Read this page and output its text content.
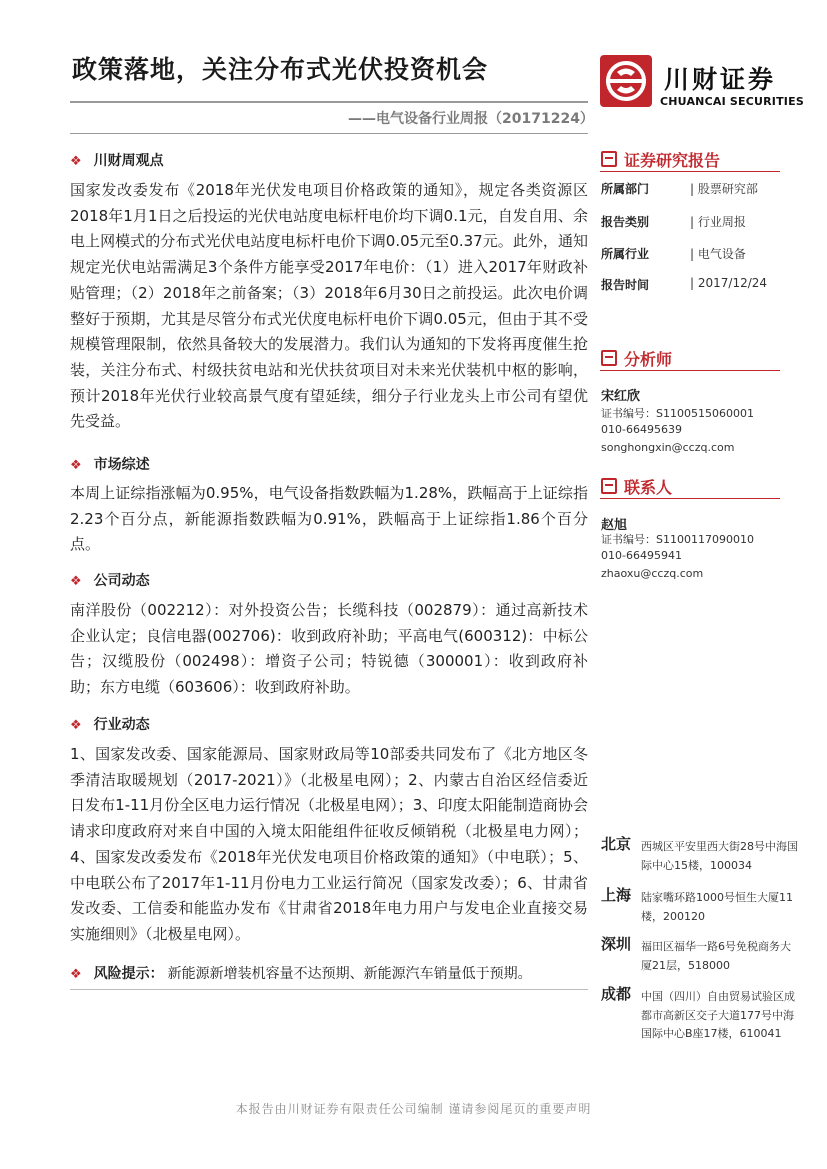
政策落地，关注分布式光伏投资机会
——电气设备行业周报（20171224）
川财证券
CHUANCAI SECURITIES
❖ 川财周观点
国家发改委发布《2018年光伏发电项目价格政策的通知》，规定各类资源区2018年1月1日之后投运的光伏电站度电标杆电价均下调0.1元，自发自用、余电上网模式的分布式光伏电站度电标杆电价下调0.05元至0.37元。此外，通知规定光伏电站需满足3个条件方能享受2017年电价：（1）进入2017年财政补贴管理；（2）2018年之前备案；（3）2018年6月30日之前投运。此次电价调整好于预期，尤其是尽管分布式光伏度电标杆电价下调0.05元，但由于其不受规模管理限制，依然具备较大的发展潜力。我们认为通知的下发将再度催生抢装，关注分布式、村级扶贫电站和光伏扶贫项目对未来光伏装机中枢的影响，预计2018年光伏行业较高景气度有望延续，细分子行业龙头上市公司有望优先受益。
❖ 市场综述
本周上证综指涨幅为0.95%，电气设备指数跌幅为1.28%，跌幅高于上证综指2.23个百分点，新能源指数跌幅为0.91%，跌幅高于上证综指1.86个百分点。
❖ 公司动态
南洋股份（002212）：对外投资公告；长缆科技（002879）：通过高新技术企业认定；良信电器(002706)：收到政府补助；平高电气(600312)：中标公告；汉缆股份（002498）：增资子公司；特锐德（300001）：收到政府补助；东方电缆（603606）：收到政府补助。
❖ 行业动态
1、国家发改委、国家能源局、国家财政局等10部委共同发布了《北方地区冬季清洁取暖规划（2017-2021）》（北极星电网）；2、内蒙古自治区经信委近日发布1-11月份全区电力运行情况（北极星电网）；3、印度太阳能制造商协会请求印度政府对来自中国的入境太阳能组件征收反倾销税（北极星电力网）；4、国家发改委发布《2018年光伏发电项目价格政策的通知》（中电联）；5、中电联公布了2017年1-11月份电力工业运行简况（国家发改委）；6、甘肃省发改委、工信委和能监办发布《甘肃省2018年电力用户与发电企业直接交易实施细则》（北极星电网）。
❖ 风险提示： 新能源新增装机容量不达预期、新能源汽车销量低于预期。
证券研究报告
所属部门	| 股票研究部
报告类别	| 行业周报
所属行业	| 电气设备
报告时间	| 2017/12/24
分析师
宋红欣
证书编号：S1100515060001
010-66495639
songhongxin@cczq.com
联系人
赵旭
证书编号：S1100117090010
010-66495941
zhaoxu@cczq.com
北京 西城区平安里西大街28号中海国际中心15楼，100034
上海 陆家嘴环路1000号恒生大厦11楼，200120
深圳 福田区福华一路6号免税商务大厦21层，518000
成都 中国（四川）自由贸易试验区成都市高新区交子大道177号中海国际中心B座17楼，610041
本报告由川财证券有限责任公司编制 谨请参阅尾页的重要声明
